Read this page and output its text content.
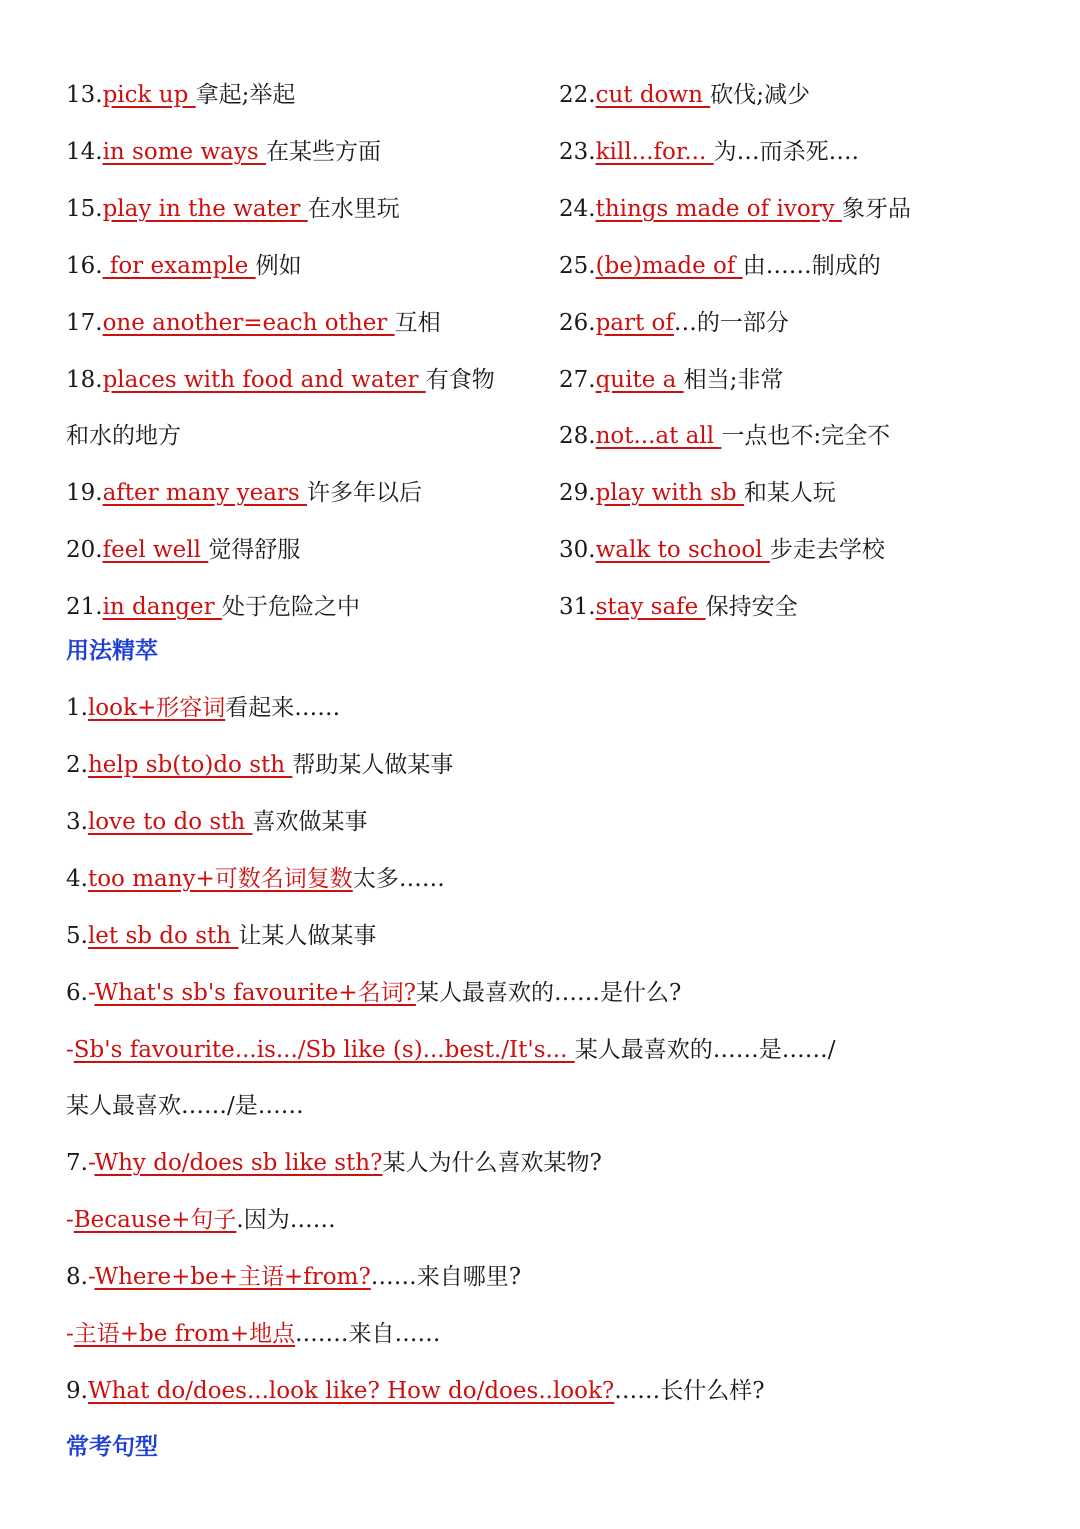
13.pick up 拿起;举起
14.in some ways 在某些方面
15.play in the water 在水里玩
16. for example 例如
17.one another=each other 互相
18.places with food and water 有食物
和水的地方
19.after many years 许多年以后
20.feel well 觉得舒服
21.in danger 处于危险之中
22.cut down 砍伐;减少
23.kill...for... 为…而杀死….
24.things made of ivory 象牙品
25.(be)made of 由……制成的
26.part of…的一部分
27.quite a 相当;非常
28.not...at all 一点也不:完全不
29.play with sb 和某人玩
30.walk to school 步走去学校
31.stay safe 保持安全
用法精萃
1.look+形容词看起来……
2.help sb(to)do sth 帮助某人做某事
3.love to do sth 喜欢做某事
4.too many+可数名词复数太多……
5.let sb do sth 让某人做某事
6.-What's sb's favourite+名词?某人最喜欢的……是什么?
-Sb's favourite...is.../Sb like (s)...best./It's... 某人最喜欢的……是……/
某人最喜欢……/是……
7.-Why do/does sb like sth?某人为什么喜欢某物?
-Because+句子.因为……
8.-Where+be+主语+from?……来自哪里?
-主语+be from+地点.……来自……
9.What do/does...look like? How do/does..look?……长什么样?
常考句型
